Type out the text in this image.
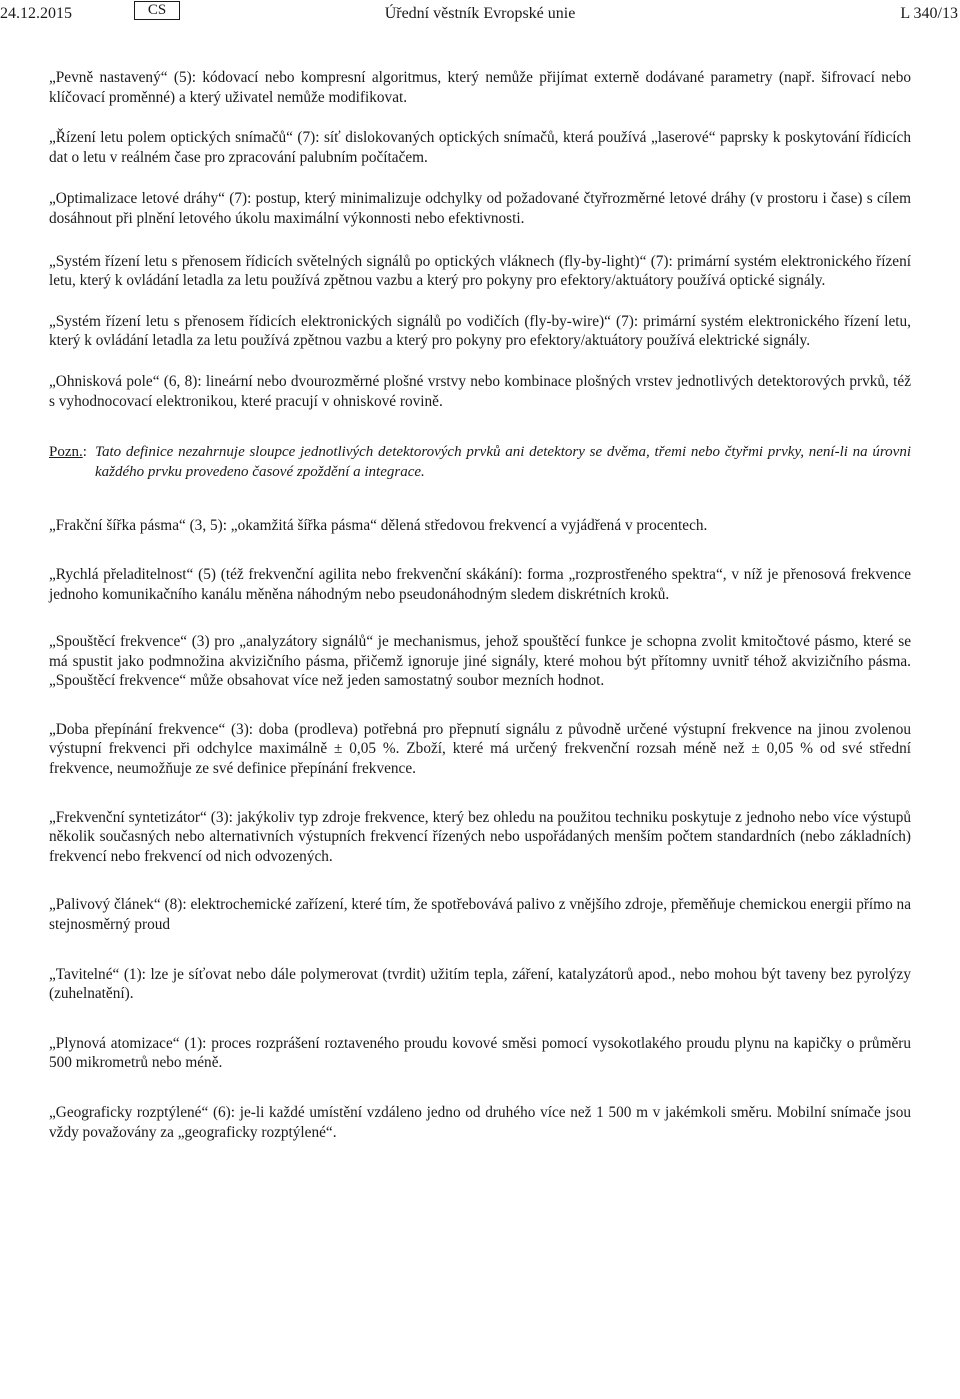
24.12.2015	CS	Úřední věstník Evropské unie	L 340/13

„Pevně nastavený“ (5): kódovací nebo kompresní algoritmus, který nemůže přijímat externě dodávané parametry (např. šifrovací nebo klíčovací proměnné) a který uživatel nemůže modifikovat.

„Řízení letu polem optických snímačů“ (7): síť dislokovaných optických snímačů, která používá „laserové“ paprsky k poskytování řídicích dat o letu v reálném čase pro zpracování palubním počítačem.

„Optimalizace letové dráhy“ (7): postup, který minimalizuje odchylky od požadované čtyřrozměrné letové dráhy (v prostoru i čase) s cílem dosáhnout při plnění letového úkolu maximální výkonnosti nebo efektivnosti.

„Systém řízení letu s přenosem řídicích světelných signálů po optických vláknech (fly-by-light)“ (7): primární systém elektronického řízení letu, který k ovládání letadla za letu používá zpětnou vazbu a který pro pokyny pro efektory/aktuátory používá optické signály.

„Systém řízení letu s přenosem řídicích elektronických signálů po vodičích (fly-by-wire)“ (7): primární systém elektronického řízení letu, který k ovládání letadla za letu používá zpětnou vazbu a který pro pokyny pro efektory/aktuátory používá elektrické signály.

„Ohnisková pole“ (6, 8): lineární nebo dvourozměrné plošné vrstvy nebo kombinace plošných vrstev jednotlivých detektorových prvků, též s vyhodnocovací elektronikou, které pracují v ohniskové rovině.

Pozn.: Tato definice nezahrnuje sloupce jednotlivých detektorových prvků ani detektory se dvěma, třemi nebo čtyřmi prvky, není-li na úrovni každého prvku provedeno časové zpoždění a integrace.

„Frakční šířka pásma“ (3, 5): „okamžitá šířka pásma“ dělená středovou frekvencí a vyjádřená v procentech.

„Rychlá přeladitelnost“ (5) (též frekvenční agilita nebo frekvenční skákání): forma „rozprostřeného spektra“, v níž je přenosová frekvence jednoho komunikačního kanálu měněna náhodným nebo pseudonáhodným sledem diskrétních kroků.

„Spouštěcí frekvence“ (3) pro „analyzátory signálů“ je mechanismus, jehož spouštěcí funkce je schopna zvolit kmitočtové pásmo, které se má spustit jako podmnožina akvizičního pásma, přičemž ignoruje jiné signály, které mohou být přítomny uvnitř téhož akvizičního pásma. „Spouštěcí frekvence“ může obsahovat více než jeden samostatný soubor mezních hodnot.

„Doba přepínání frekvence“ (3): doba (prodleva) potřebná pro přepnutí signálu z původně určené výstupní frekvence na jinou zvolenou výstupní frekvenci při odchylce maximálně ± 0,05 %. Zboží, které má určený frekvenční rozsah méně než ± 0,05 % od své střední frekvence, neumožňuje ze své definice přepínání frekvence.

„Frekvenční syntetizátor“ (3): jakýkoliv typ zdroje frekvence, který bez ohledu na použitou techniku poskytuje z jednoho nebo více výstupů několik současných nebo alternativních výstupních frekvencí řízených nebo uspořádaných menším počtem standardních (nebo základních) frekvencí nebo frekvencí od nich odvozených.

„Palivový článek“ (8): elektrochemické zařízení, které tím, že spotřebovává palivo z vnějšího zdroje, přeměňuje chemickou energii přímo na stejnosměrný proud

„Tavitelné“ (1): lze je síťovat nebo dále polymerovat (tvrdit) užitím tepla, záření, katalyzátorů apod., nebo mohou být taveny bez pyrolýzy (zuhelnatění).

„Plynová atomizace“ (1): proces rozprášení roztaveného proudu kovové směsi pomocí vysokotlakého proudu plynu na kapičky o průměru 500 mikrometrů nebo méně.

„Geograficky rozptýlené“ (6): je-li každé umístění vzdáleno jedno od druhého více než 1 500 m v jakémkoli směru. Mobilní snímače jsou vždy považovány za „geograficky rozptýlené“.
